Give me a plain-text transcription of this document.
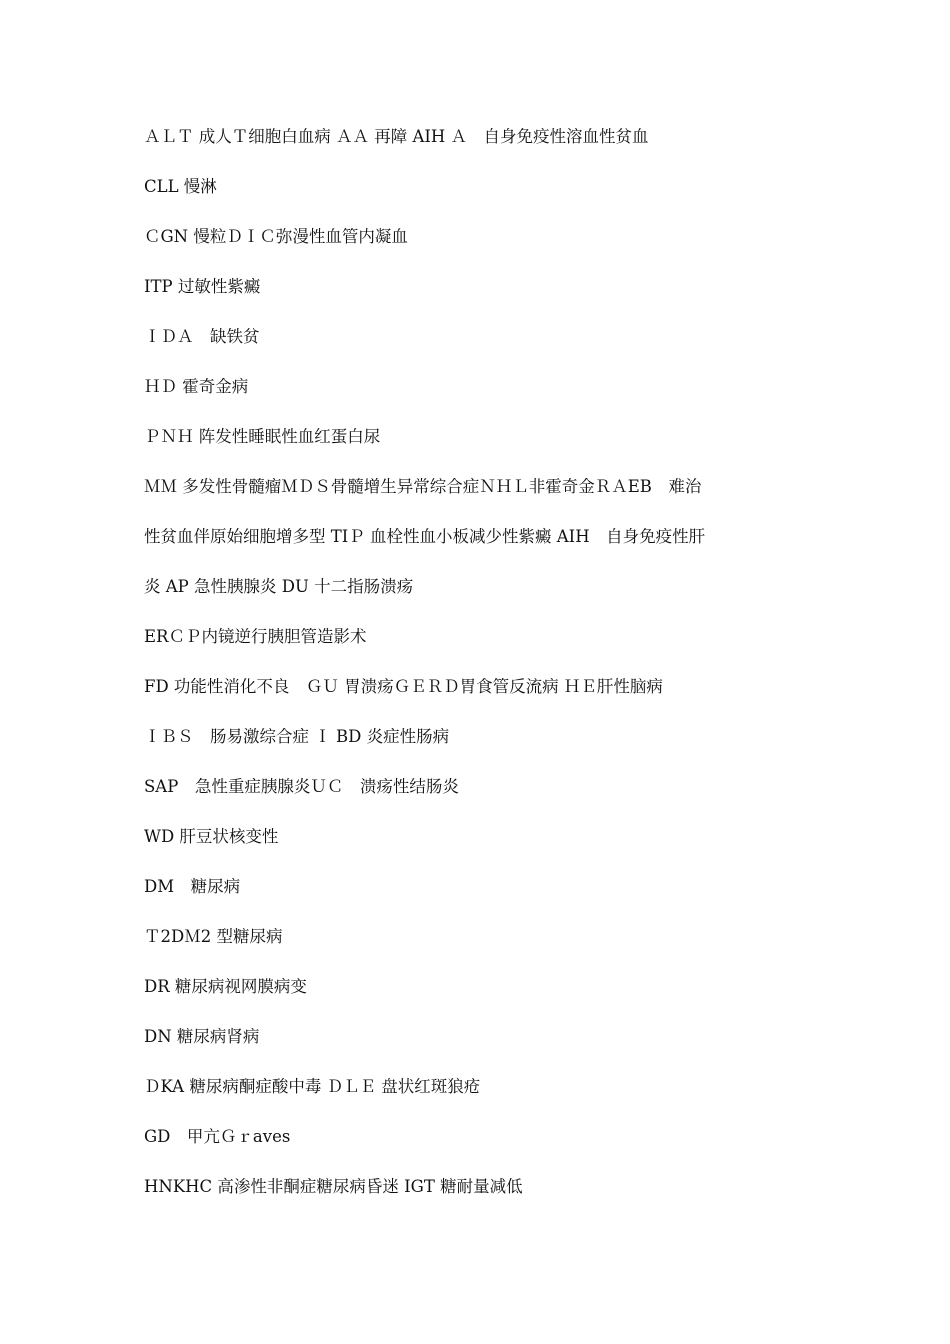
ＡＬＴ 成人Ｔ细胞白血病 ＡＡ 再障 AIH Ａ　自身免疫性溶血性贫血
CLL 慢淋
ＣGN 慢粒ＤＩＣ弥漫性血管内凝血
ITP 过敏性紫癜
ＩＤＡ　缺铁贫
ＨＤ 霍奇金病
ＰＮＨ 阵发性睡眠性血红蛋白尿
ＭＭ 多发性骨髓瘤ＭＤＳ骨髓增生异常综合症ＮＨＬ非霍奇金ＲＡEB　难治
性贫血伴原始细胞增多型 TIＰ 血栓性血小板减少性紫癜 AIH　自身免疫性肝
炎 AP 急性胰腺炎 DU 十二指肠溃疡
ERＣＰ内镜逆行胰胆管造影术
FD 功能性消化不良　ＧＵ 胃溃疡ＧＥＲＤ胃食管反流病 ＨＥ肝性脑病
ＩＢＳ　肠易激综合症 Ｉ BD 炎症性肠病
SAP　急性重症胰腺炎ＵＣ　溃疡性结肠炎
WD 肝豆状核变性
DM　糖尿病
Ｔ2DＭ2 型糖尿病
DR 糖尿病视网膜病变
DN 糖尿病肾病
ＤKA 糖尿病酮症酸中毒 ＤＬＥ 盘状红斑狼疮
GD　甲亢Ｇｒaves
HNKHC 高渗性非酮症糖尿病昏迷 IGT 糖耐量减低
